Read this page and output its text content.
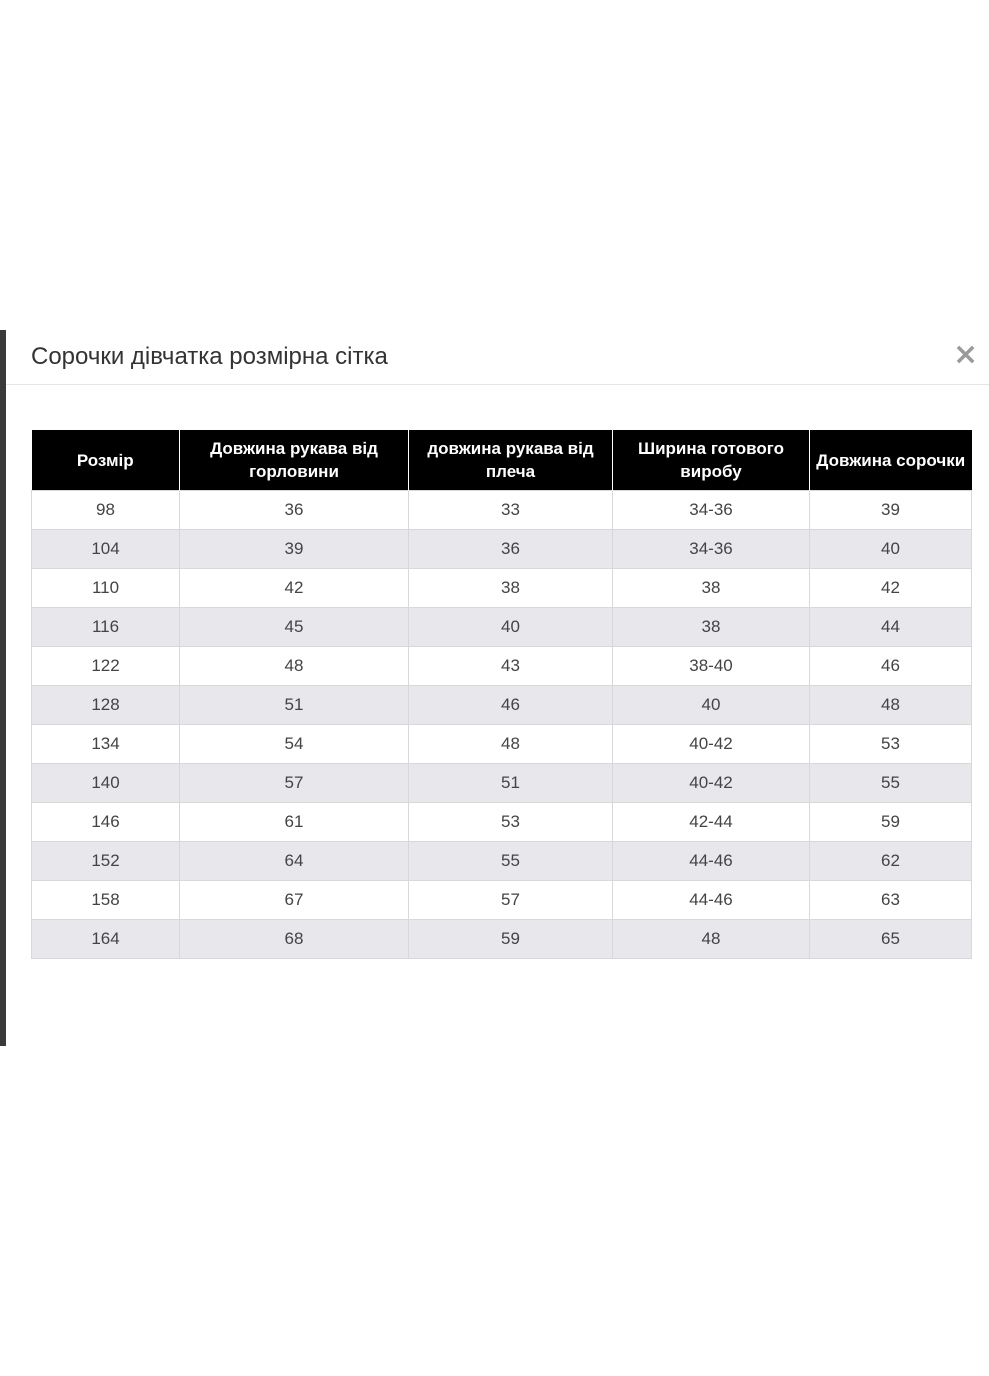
Сорочки дівчатка розмірна сітка	×
Розмір	Довжина рукава від горловини	довжина рукава від плеча	Ширина готового виробу	Довжина сорочки
98	36	33	34-36	39
104	39	36	34-36	40
110	42	38	38	42
116	45	40	38	44
122	48	43	38-40	46
128	51	46	40	48
134	54	48	40-42	53
140	57	51	40-42	55
146	61	53	42-44	59
152	64	55	44-46	62
158	67	57	44-46	63
164	68	59	48	65
